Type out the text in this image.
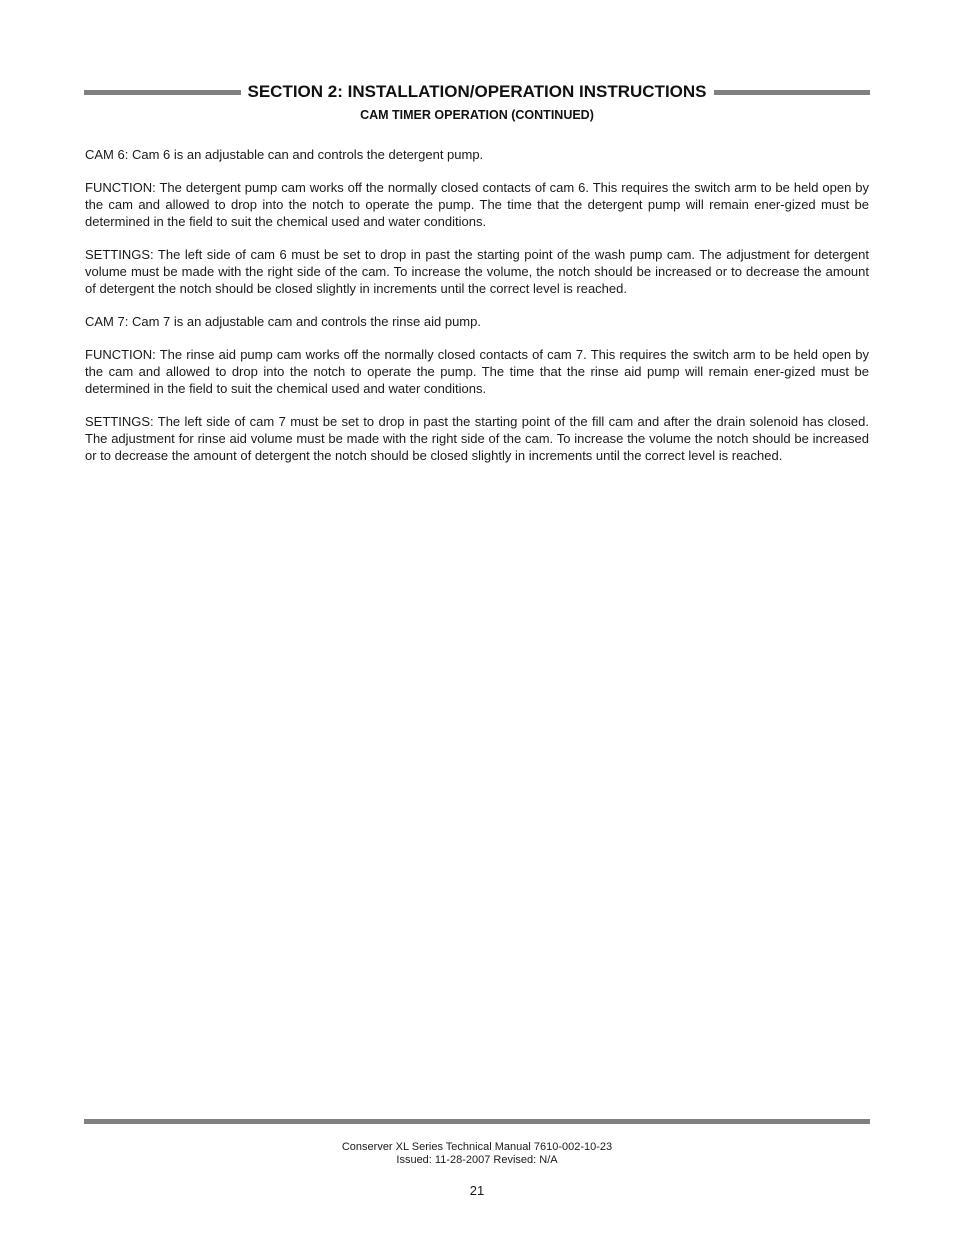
SECTION 2: INSTALLATION/OPERATION INSTRUCTIONS
CAM TIMER OPERATION (CONTINUED)

CAM 6: Cam 6 is an adjustable can and controls the detergent pump.

FUNCTION: The detergent pump cam works off the normally closed contacts of cam 6. This requires the switch arm to be held open by the cam and allowed to drop into the notch to operate the pump. The time that the detergent pump will remain ener-gized must be determined in the field to suit the chemical used and water conditions.

SETTINGS: The left side of cam 6 must be set to drop in past the starting point of the wash pump cam. The adjustment for detergent volume must be made with the right side of the cam. To increase the volume, the notch should be increased or to decrease the amount of detergent the notch should be closed slightly in increments until the correct level is reached.

CAM 7: Cam 7 is an adjustable cam and controls the rinse aid pump.

FUNCTION: The rinse aid pump cam works off the normally closed contacts of cam 7. This requires the switch arm to be held open by the cam and allowed to drop into the notch to operate the pump. The time that the rinse aid pump will remain ener-gized must be determined in the field to suit the chemical used and water conditions.

SETTINGS: The left side of cam 7 must be set to drop in past the starting point of the fill cam and after the drain solenoid has closed. The adjustment for rinse aid volume must be made with the right side of the cam. To increase the volume the notch should be increased or to decrease the amount of detergent the notch should be closed slightly in increments until the correct level is reached.

Conserver XL Series Technical Manual 7610-002-10-23
Issued: 11-28-2007 Revised: N/A
21
